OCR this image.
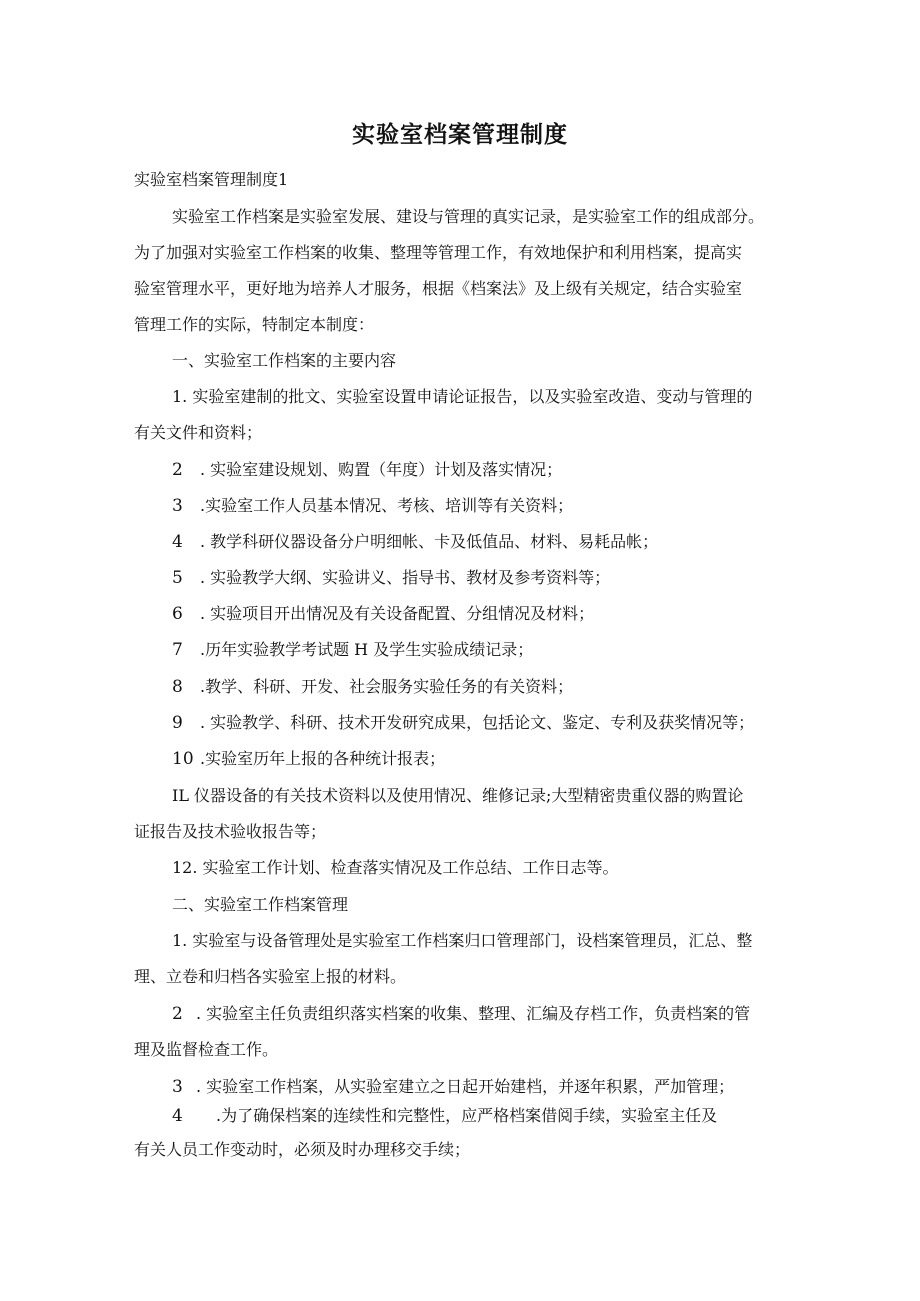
实验室档案管理制度
实验室档案管理制度1
实验室工作档案是实验室发展、建设与管理的真实记录，是实验室工作的组成部分。
为了加强对实验室工作档案的收集、整理等管理工作，有效地保护和利用档案，提高实
验室管理水平，更好地为培养人才服务，根据《档案法》及上级有关规定，结合实验室
管理工作的实际，特制定本制度：
一、实验室工作档案的主要内容
1. 实验室建制的批文、实验室设置申请论证报告，以及实验室改造、变动与管理的
有关文件和资料；
2 . 实验室建设规划、购置（年度）计划及落实情况；
3 .实验室工作人员基本情况、考核、培训等有关资料；
4 . 教学科研仪器设备分户明细帐、卡及低值品、材料、易耗品帐；
5 . 实验教学大纲、实验讲义、指导书、教材及参考资料等；
6 . 实验项目开出情况及有关设备配置、分组情况及材料；
7 .历年实验教学考试题 H 及学生实验成绩记录；
8 .教学、科研、开发、社会服务实验任务的有关资料；
9 . 实验教学、科研、技术开发研究成果，包括论文、鉴定、专利及获奖情况等；
10 .实验室历年上报的各种统计报表；
IL 仪器设备的有关技术资料以及使用情况、维修记录;大型精密贵重仪器的购置论
证报告及技术验收报告等；
12. 实验室工作计划、检查落实情况及工作总结、工作日志等。
二、实验室工作档案管理
1. 实验室与设备管理处是实验室工作档案归口管理部门，设档案管理员，汇总、整
理、立卷和归档各实验室上报的材料。
2 . 实验室主任负责组织落实档案的收集、整理、汇编及存档工作，负责档案的管
理及监督检查工作。
3 . 实验室工作档案，从实验室建立之日起开始建档，并逐年积累，严加管理；
4 .为了确保档案的连续性和完整性，应严格档案借阅手续，实验室主任及
有关人员工作变动时，必须及时办理移交手续；
